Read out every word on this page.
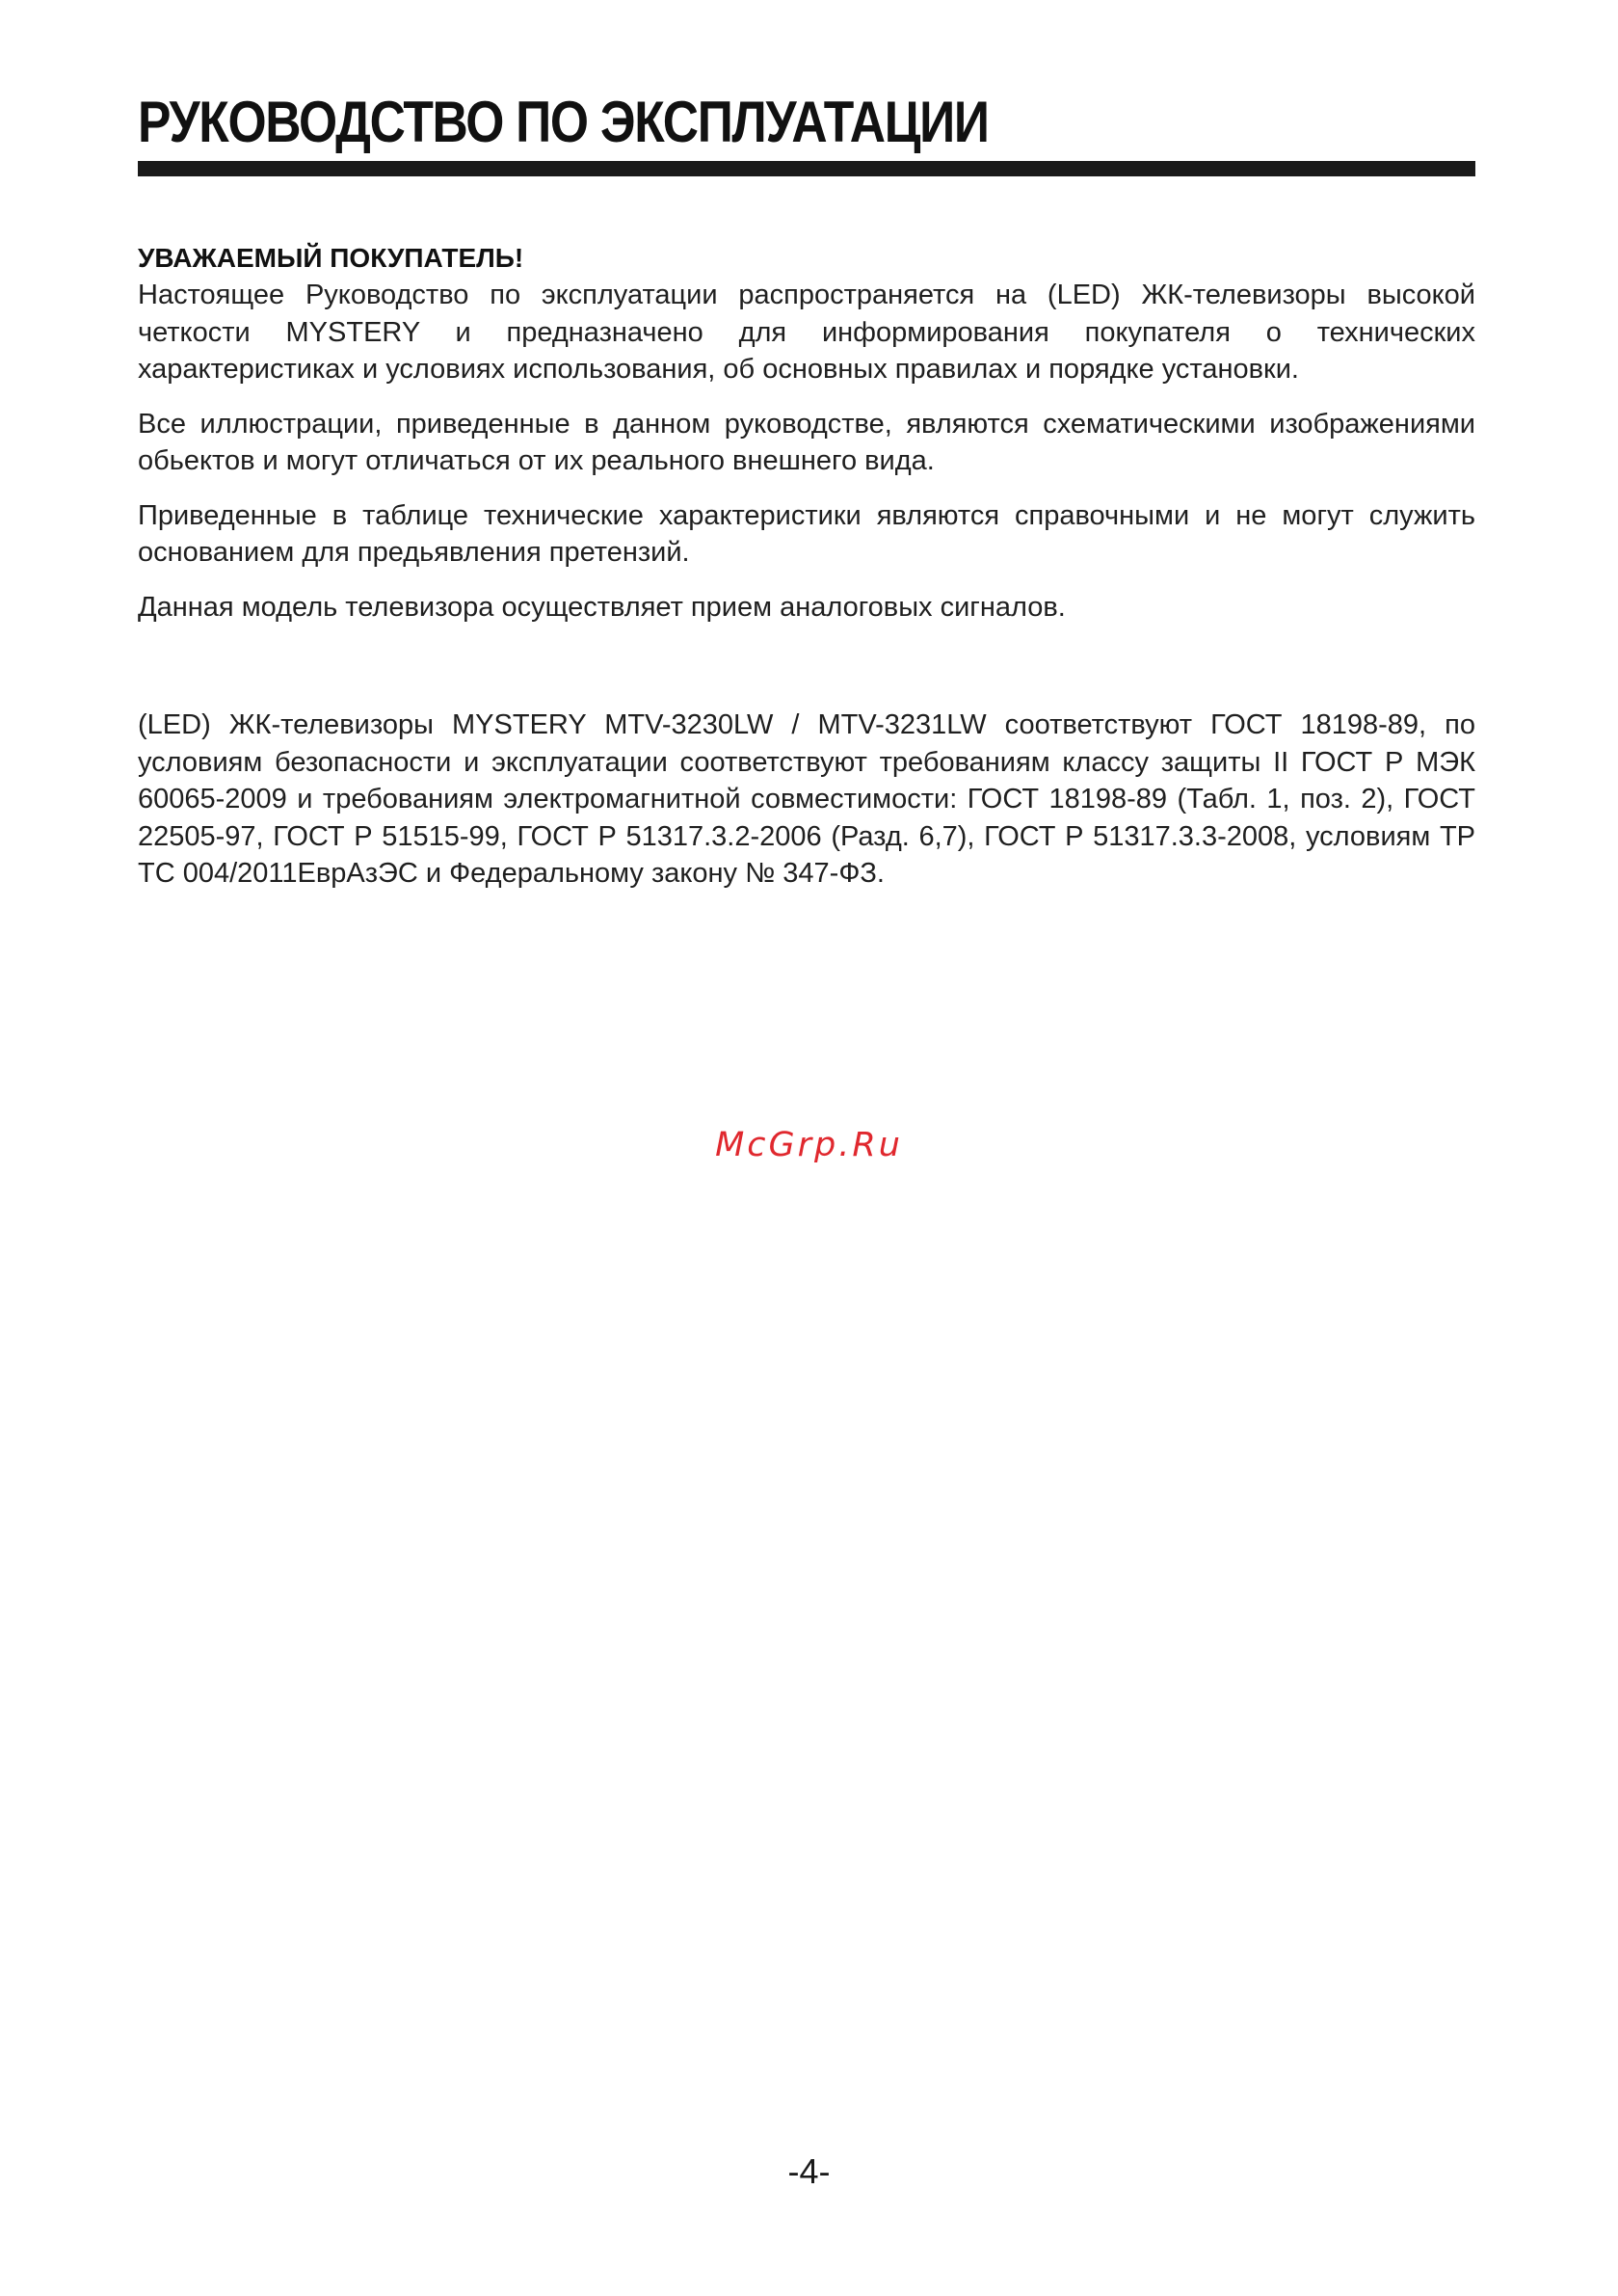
РУКОВОДСТВО ПО ЭКСПЛУАТАЦИИ

УВАЖАЕМЫЙ ПОКУПАТЕЛЬ!

Настоящее Руководство по эксплуатации распространяется на (LED) ЖК-телевизоры высокой четкости MYSTERY и предназначено для информирования покупателя о технических характеристиках и условиях использования, об основных правилах и порядке установки.

Все иллюстрации, приведенные в данном руководстве, являются схематическими изображениями обьектов и могут отличаться от их реального внешнего вида.

Приведенные в таблице технические характеристики являются справочными и не могут служить основанием для предьявления претензий.

Данная модель телевизора осуществляет прием аналоговых сигналов.

(LED) ЖК-телевизоры MYSTERY MTV-3230LW / MTV-3231LW соответствуют ГОСТ 18198-89, по условиям безопасности и эксплуатации соответствуют требованиям классу защиты II ГОСТ Р МЭК 60065-2009 и требованиям электромагнитной совместимости: ГОСТ 18198-89 (Табл. 1, поз. 2), ГОСТ 22505-97, ГОСТ Р 51515-99, ГОСТ Р 51317.3.2-2006 (Разд. 6,7), ГОСТ Р 51317.3.3-2008, условиям ТР ТС 004/2011ЕврАзЭС и Федеральному закону № 347-ФЗ.

McGrp.Ru
-4-
